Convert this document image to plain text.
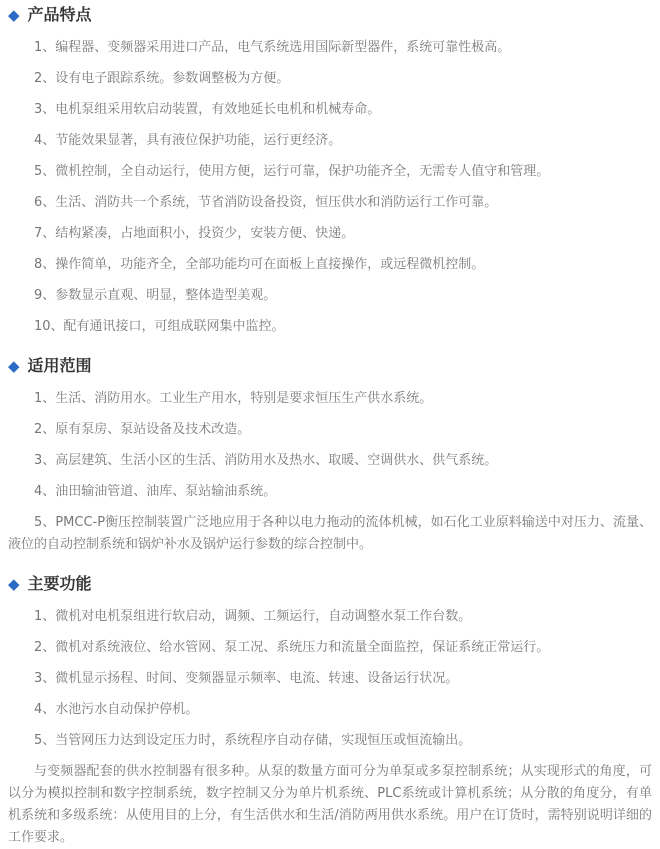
◆ 产品特点

1、编程器、变频器采用进口产品，电气系统选用国际新型器件，系统可靠性极高。

2、设有电子跟踪系统。参数调整极为方便。

3、电机泵组采用软启动装置，有效地延长电机和机械寿命。

4、节能效果显著，具有液位保护功能，运行更经济。

5、微机控制，全自动运行，使用方便，运行可靠，保护功能齐全，无需专人值守和管理。

6、生活、消防共一个系统，节省消防设备投资，恒压供水和消防运行工作可靠。

7、结构紧凑，占地面积小，投资少，安装方便、快递。

8、操作简单，功能齐全，全部功能均可在面板上直接操作，或远程微机控制。

9、参数显示直观、明显，整体造型美观。

10、配有通讯接口，可组成联网集中监控。

◆ 适用范围

1、生活、消防用水。工业生产用水，特别是要求恒压生产供水系统。

2、原有泵房、泵站设备及技术改造。

3、高层建筑、生活小区的生活、消防用水及热水、取暖、空调供水、供气系统。

4、油田输油管道、油库、泵站输油系统。

5、PMCC-P衡压控制装置广泛地应用于各种以电力拖动的流体机械，如石化工业原料输送中对压力、流量、液位的自动控制系统和锅炉补水及锅炉运行参数的综合控制中。

◆ 主要功能

1、微机对电机泵组进行软启动，调频、工频运行，自动调整水泵工作台数。

2、微机对系统液位、给水管网、泵工况、系统压力和流量全面监控，保证系统正常运行。

3、微机显示扬程、时间、变频器显示频率、电流、转速、设备运行状况。

4、水池污水自动保护停机。

5、当管网压力达到设定压力时，系统程序自动存储，实现恒压或恒流输出。

与变频器配套的供水控制器有很多种。从泵的数量方面可分为单泵或多泵控制系统；从实现形式的角度，可以分为模拟控制和数字控制系统，数字控制又分为单片机系统、PLC系统或计算机系统；从分散的角度分，有单机系统和多级系统：从使用目的上分，有生活供水和生活/消防两用供水系统。用户在订货时，需特别说明详细的工作要求。
